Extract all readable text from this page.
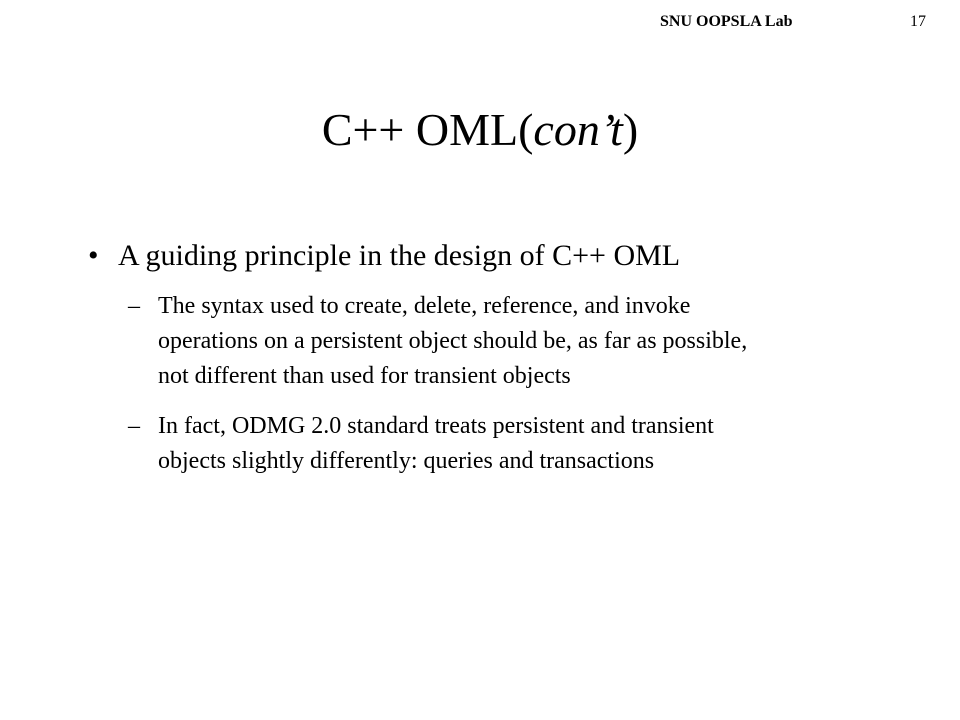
SNU OOPSLA Lab	17
C++ OML(con’t)
• A guiding principle in the design of C++ OML
– The syntax used to create, delete, reference, and invoke
operations on a persistent object should be, as far as possible,
not different than used for transient objects
– In fact, ODMG 2.0 standard treats persistent and transient
objects slightly differently: queries and transactions
